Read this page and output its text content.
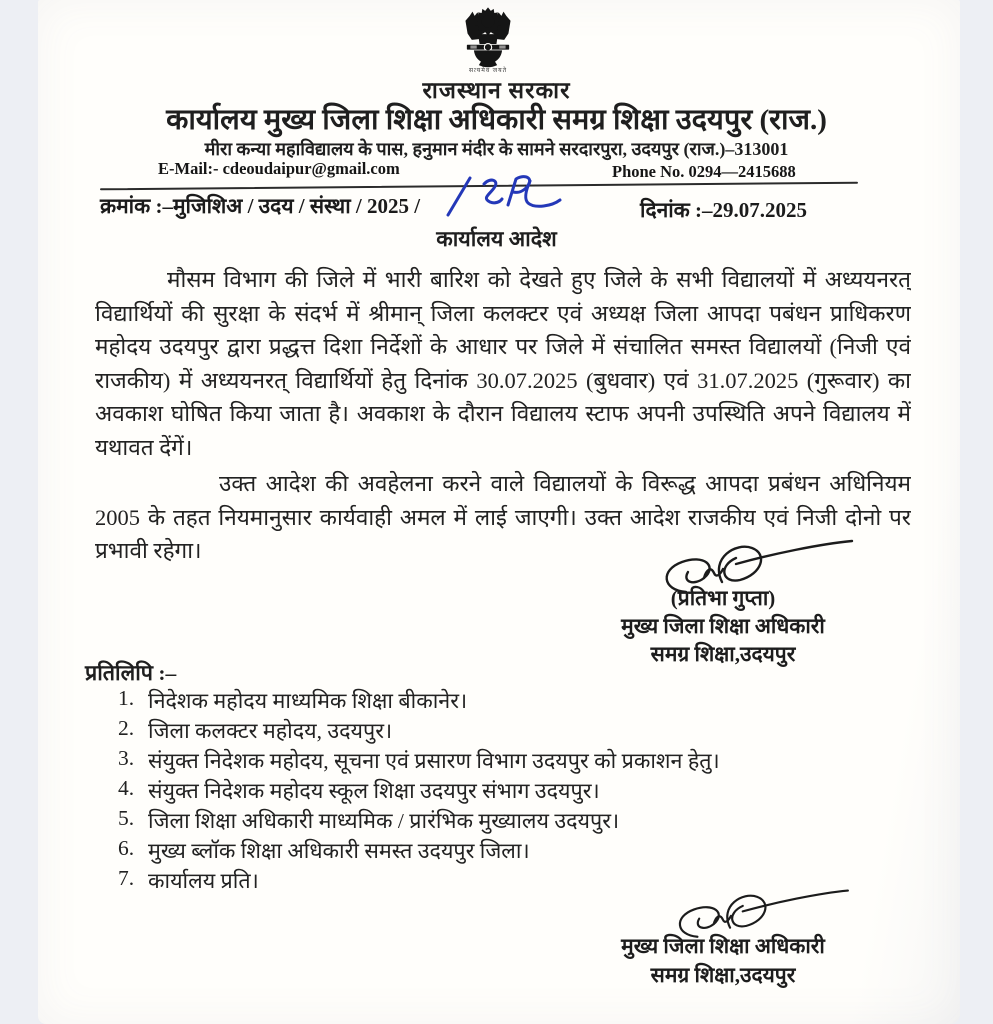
सत्यमेव जयते
राजस्थान सरकार
कार्यालय मुख्य जिला शिक्षा अधिकारी समग्र शिक्षा उदयपुर (राज.)
मीरा कन्या महाविद्यालय के पास, हनुमान मंदीर के सामने सरदारपुरा, उदयपुर (राज.)–313001
E-Mail:- cdeoudaipur@gmail.com	Phone No. 0294—2415688
क्रमांक :–मुजिशिअ / उदय / संस्था / 2025 /	दिनांक :–29.07.2025
कार्यालय आदेश
मौसम विभाग की जिले में भारी बारिश को देखते हुए जिले के सभी विद्यालयों में अध्ययनरत् विद्यार्थियों की सुरक्षा के संदर्भ में श्रीमान् जिला कलक्टर एवं अध्यक्ष जिला आपदा पबंधन प्राधिकरण महोदय उदयपुर द्वारा प्रद्धत्त दिशा निर्देशों के आधार पर जिले में संचालित समस्त विद्यालयों (निजी एवं राजकीय) में अध्ययनरत् विद्यार्थियों हेतु दिनांक 30.07.2025 (बुधवार) एवं 31.07.2025 (गुरूवार) का अवकाश घोषित किया जाता है। अवकाश के दौरान विद्यालय स्टाफ अपनी उपस्थिति अपने विद्यालय में यथावत देंगें।
उक्त आदेश की अवहेलना करने वाले विद्यालयों के विरूद्ध आपदा प्रबंधन अधिनियम 2005 के तहत नियमानुसार कार्यवाही अमल में लाई जाएगी। उक्त आदेश राजकीय एवं निजी दोनो पर प्रभावी रहेगा।
(प्रतिभा गुप्ता)
मुख्य जिला शिक्षा अधिकारी
समग्र शिक्षा,उदयपुर
प्रतिलिपि :–
1. निदेशक महोदय माध्यमिक शिक्षा बीकानेर।
2. जिला कलक्टर महोदय, उदयपुर।
3. संयुक्त निदेशक महोदय, सूचना एवं प्रसारण विभाग उदयपुर को प्रकाशन हेतु।
4. संयुक्त निदेशक महोदय स्कूल शिक्षा उदयपुर संभाग उदयपुर।
5. जिला शिक्षा अधिकारी माध्यमिक / प्रारंभिक मुख्यालय उदयपुर।
6. मुख्य ब्लॉक शिक्षा अधिकारी समस्त उदयपुर जिला।
7. कार्यालय प्रति।
मुख्य जिला शिक्षा अधिकारी
समग्र शिक्षा,उदयपुर
